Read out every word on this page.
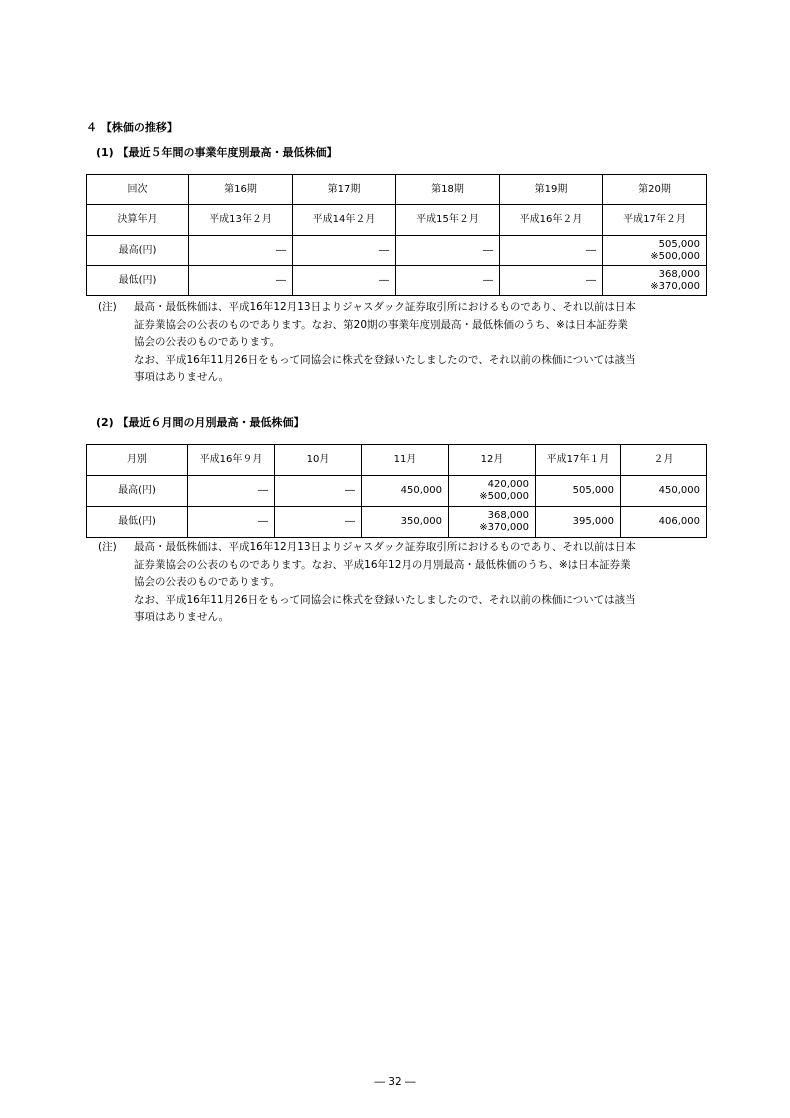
４ 【株価の推移】
(1) 【最近５年間の事業年度別最高・最低株価】
回次	第16期	第17期	第18期	第19期	第20期
決算年月	平成13年２月	平成14年２月	平成15年２月	平成16年２月	平成17年２月
最高(円)	―	―	―	―	505,000
※500,000

最低(円)	―	―	―	―	368,000
※370,000
(注) 最高・最低株価は、平成16年12月13日よりジャスダック証券取引所におけるものであり、それ以前は日本
証券業協会の公表のものであります。なお、第20期の事業年度別最高・最低株価のうち、※は日本証券業
協会の公表のものであります。
なお、平成16年11月26日をもって同協会に株式を登録いたしましたので、それ以前の株価については該当
事項はありません。
(2) 【最近６月間の月別最高・最低株価】
月別	平成16年９月	10月	11月	12月	平成17年１月	２月
最高(円)	―	―	450,000	420,000
※500,000	505,000	450,000
最低(円)	―	―	350,000	368,000
※370,000	395,000	406,000
(注) 最高・最低株価は、平成16年12月13日よりジャスダック証券取引所におけるものであり、それ以前は日本
証券業協会の公表のものであります。なお、平成16年12月の月別最高・最低株価のうち、※は日本証券業
協会の公表のものであります。
なお、平成16年11月26日をもって同協会に株式を登録いたしましたので、それ以前の株価については該当
事項はありません。
― 32 ―
